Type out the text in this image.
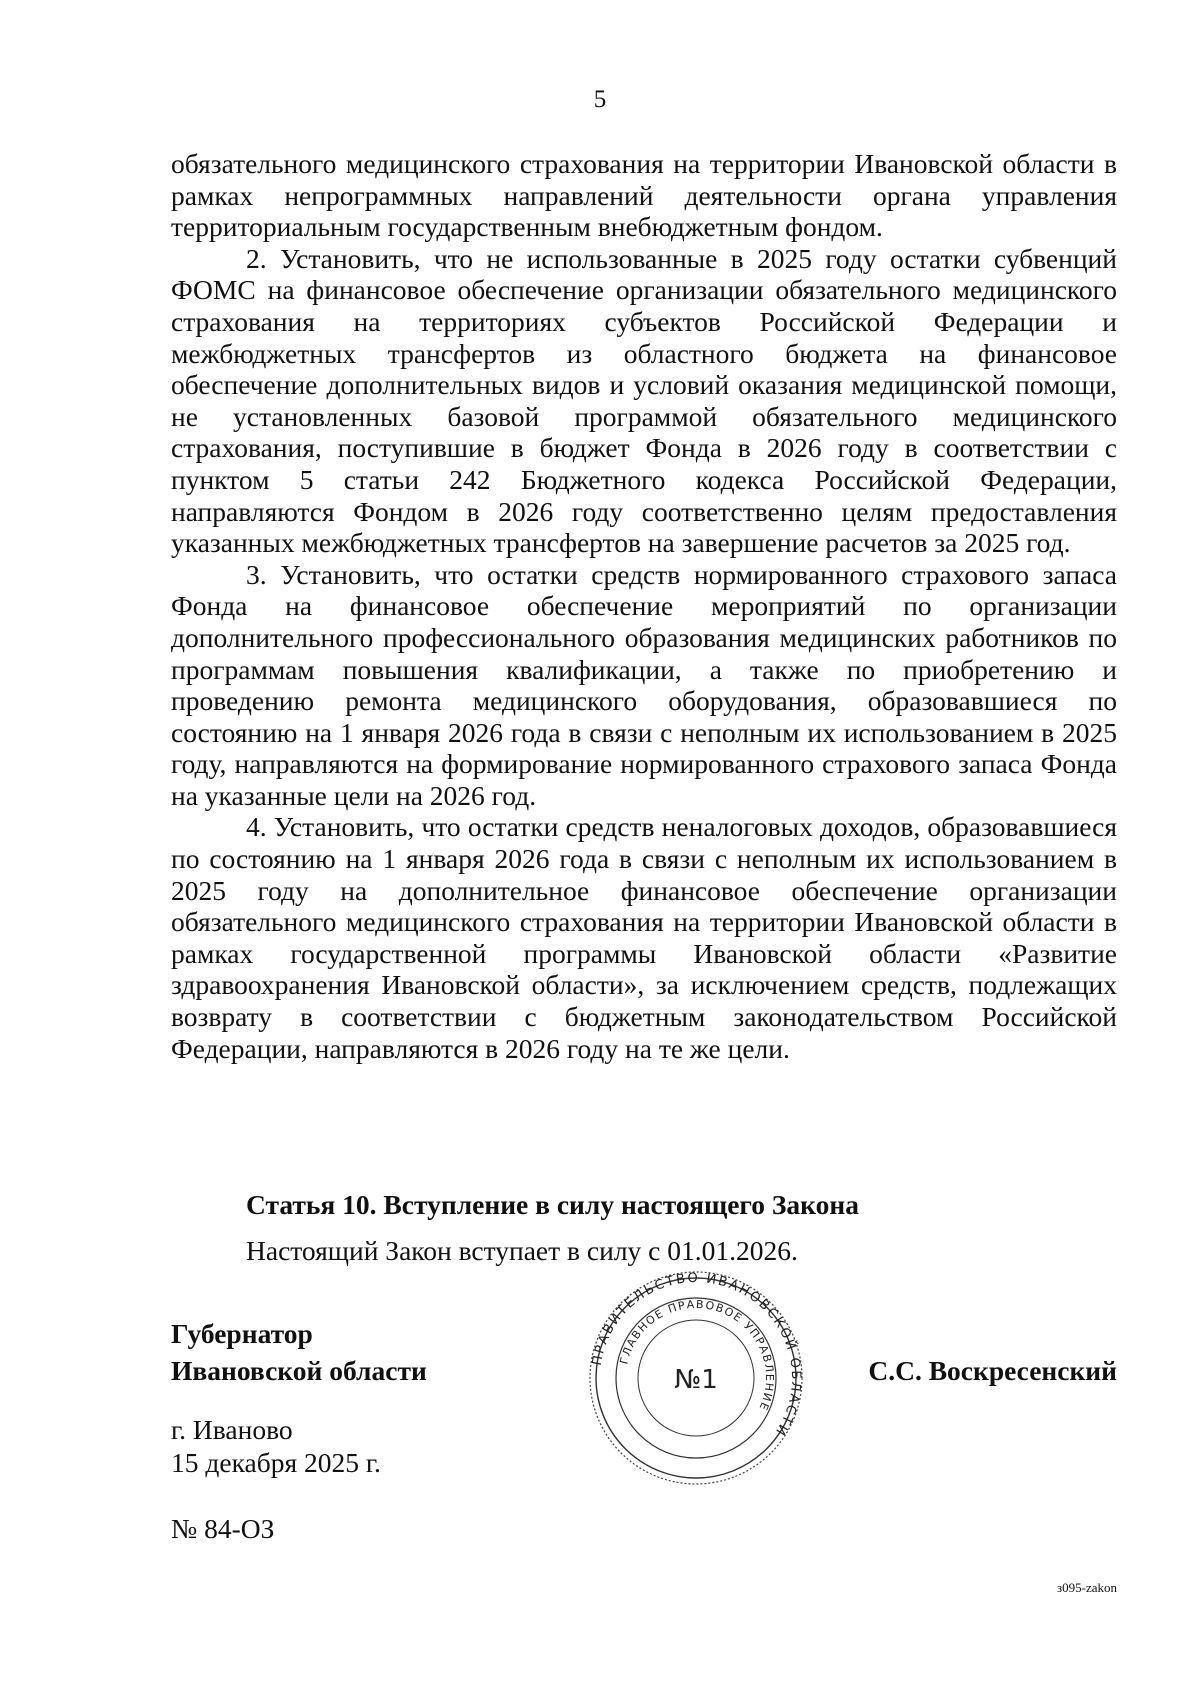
5

обязательного медицинского страхования на территории Ивановской области в рамках непрограммных направлений деятельности органа управления территориальным государственным внебюджетным фондом.

2. Установить, что не использованные в 2025 году остатки субвенций ФОМС на финансовое обеспечение организации обязательного медицинского страхования на территориях субъектов Российской Федерации и межбюджетных трансфертов из областного бюджета на финансовое обеспечение дополнительных видов и условий оказания медицинской помощи, не установленных базовой программой обязательного медицинского страхования, поступившие в бюджет Фонда в 2026 году в соответствии с пунктом 5 статьи 242 Бюджетного кодекса Российской Федерации, направляются Фондом в 2026 году соответственно целям предоставления указанных межбюджетных трансфертов на завершение расчетов за 2025 год.

3. Установить, что остатки средств нормированного страхового запаса Фонда на финансовое обеспечение мероприятий по организации дополнительного профессионального образования медицинских работников по программам повышения квалификации, а также по приобретению и проведению ремонта медицинского оборудования, образовавшиеся по состоянию на 1 января 2026 года в связи с неполным их использованием в 2025 году, направляются на формирование нормированного страхового запаса Фонда на указанные цели на 2026 год.

4. Установить, что остатки средств неналоговых доходов, образовавшиеся по состоянию на 1 января 2026 года в связи с неполным их использованием в 2025 году на дополнительное финансовое обеспечение организации обязательного медицинского страхования на территории Ивановской области в рамках государственной программы Ивановской области «Развитие здравоохранения Ивановской области», за исключением средств, подлежащих возврату в соответствии с бюджетным законодательством Российской Федерации, направляются в 2026 году на те же цели.

Статья 10. Вступление в силу настоящего Закона
Настоящий Закон вступает в силу с 01.01.2026.
Губернатор
Ивановской области	ПРАВИТЕЛЬСТВО ИВАНОВСКОЙ ОБЛАСТИ
ГЛАВНОЕ ПРАВОВОЕ УПРАВЛЕНИЕ
№1	С.С. Воскресенский
г. Иваново
15 декабря 2025 г.
№ 84-ОЗ
з095-zakon
